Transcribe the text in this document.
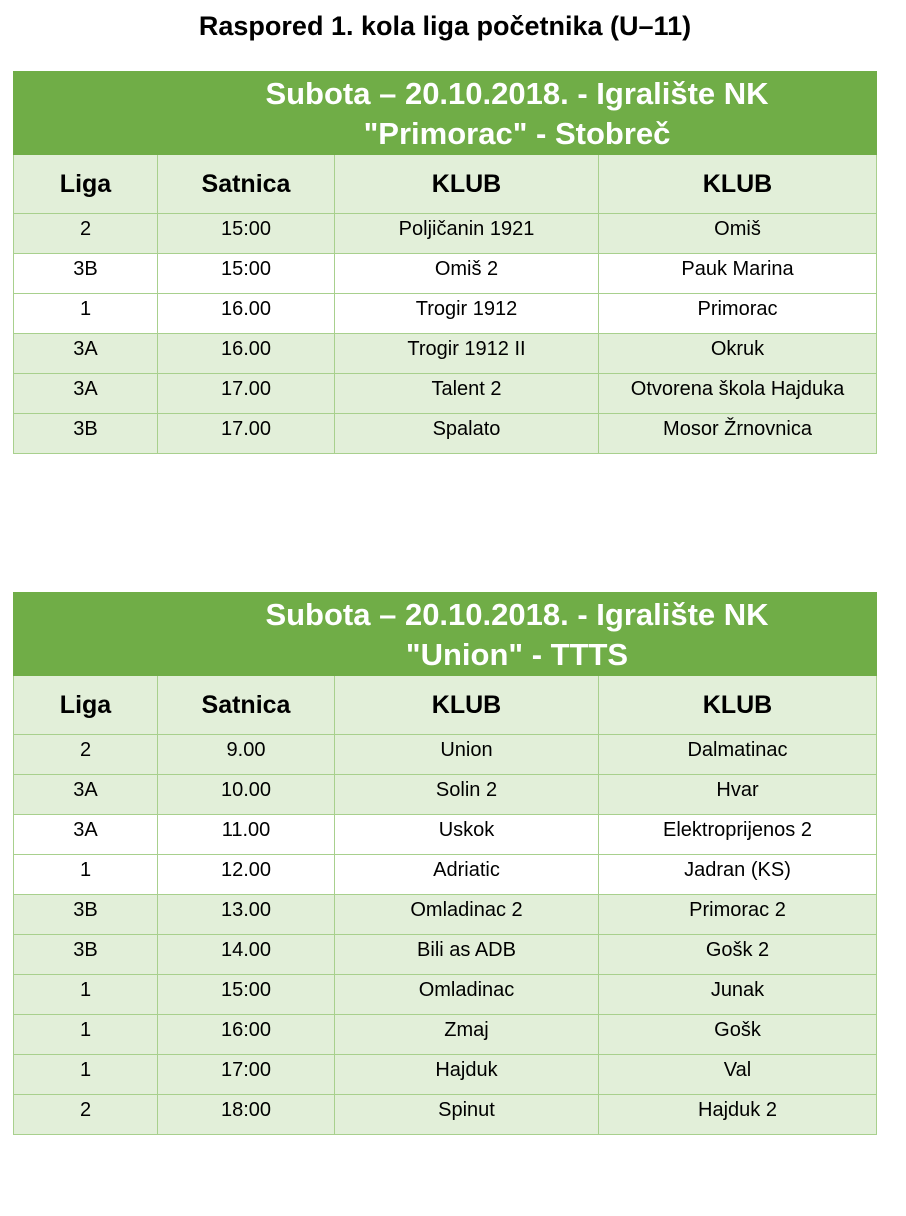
Raspored 1. kola liga početnika (U–11)
Subota – 20.10.2018. - Igralište NK "Primorac" - Stobreč			

Liga	Satnica	KLUB	KLUB
2	15:00	Poljičanin 1921	Omiš
3B	15:00	Omiš 2	Pauk Marina
1	16.00	Trogir 1912	Primorac
3A	16.00	Trogir 1912 II	Okruk
3A	17.00	Talent 2	Otvorena škola Hajduka
3B	17.00	Spalato	Mosor Žrnovnica
Subota – 20.10.2018. - Igralište NK "Union" - TTTS			

Liga	Satnica	KLUB	KLUB
2	9.00	Union	Dalmatinac
3A	10.00	Solin 2	Hvar
3A	11.00	Uskok	Elektroprijenos 2
1	12.00	Adriatic	Jadran (KS)
3B	13.00	Omladinac 2	Primorac 2
3B	14.00	Bili as ADB	Gošk 2
1	15:00	Omladinac	Junak
1	16:00	Zmaj	Gošk
1	17:00	Hajduk	Val
2	18:00	Spinut	Hajduk 2
